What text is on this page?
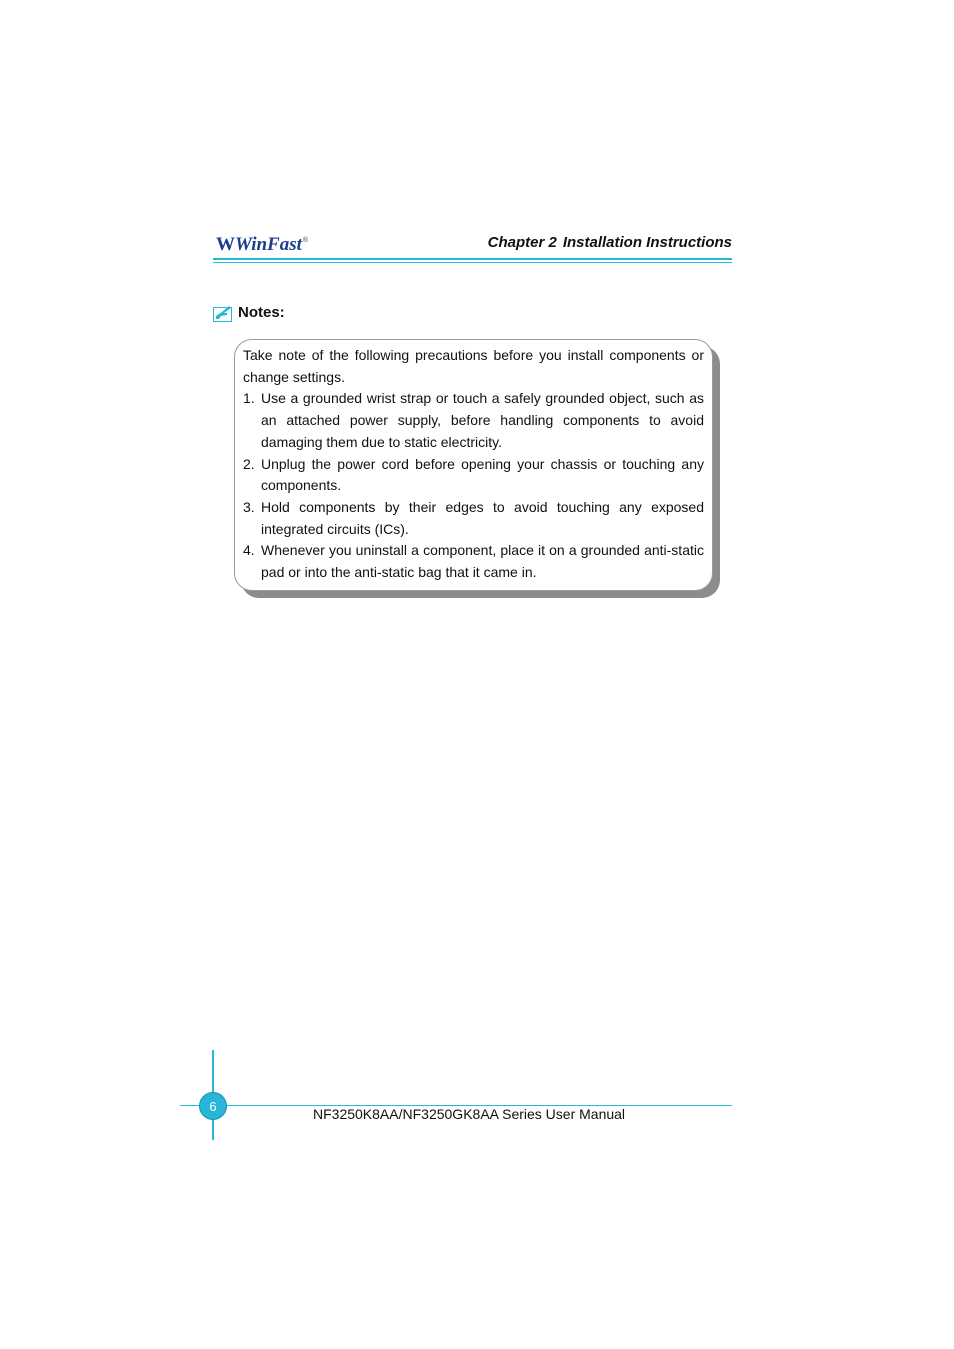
W WinFast ®	Chapter 2 Installation Instructions
Notes:

Take note of the following precautions before you install components or change settings.

1. Use a grounded wrist strap or touch a safely grounded object, such as an attached power supply, before handling components to avoid damaging them due to static electricity.
2. Unplug the power cord before opening your chassis or touching any components.
3. Hold components by their edges to avoid touching any exposed integrated circuits (ICs).
4. Whenever you uninstall a component, place it on a grounded anti-static pad or into the anti-static bag that it came in.
6	NF3250K8AA/NF3250GK8AA Series User Manual
